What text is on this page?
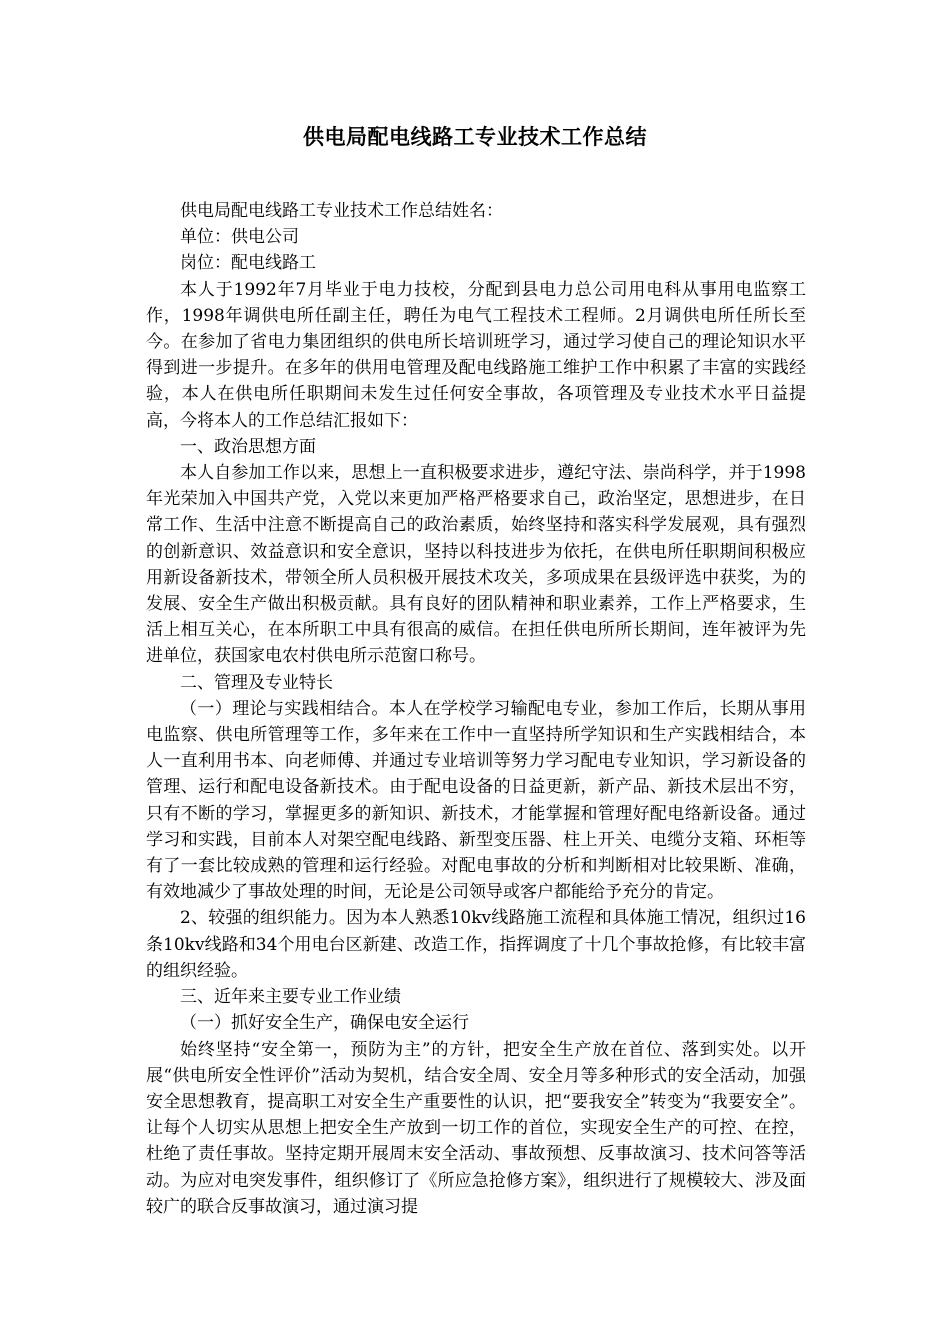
供电局配电线路工专业技术工作总结

供电局配电线路工专业技术工作总结姓名：

单位：供电公司

岗位：配电线路工

本人于1992年7月毕业于电力技校，分配到县电力总公司用电科从事用电监察工作，1998年调供电所任副主任，聘任为电气工程技术工程师。2月调供电所任所长至今。在参加了省电力集团组织的供电所长培训班学习，通过学习使自己的理论知识水平得到进一步提升。在多年的供用电管理及配电线路施工维护工作中积累了丰富的实践经验，本人在供电所任职期间未发生过任何安全事故，各项管理及专业技术水平日益提高，今将本人的工作总结汇报如下：

一、政治思想方面

本人自参加工作以来，思想上一直积极要求进步，遵纪守法、崇尚科学，并于1998年光荣加入中国共产党，入党以来更加严格严格要求自己，政治坚定，思想进步，在日常工作、生活中注意不断提高自己的政治素质，始终坚持和落实科学发展观，具有强烈的创新意识、效益意识和安全意识，坚持以科技进步为依托，在供电所任职期间积极应用新设备新技术，带领全所人员积极开展技术攻关，多项成果在县级评选中获奖，为的发展、安全生产做出积极贡献。具有良好的团队精神和职业素养，工作上严格要求，生活上相互关心，在本所职工中具有很高的威信。在担任供电所所长期间，连年被评为先进单位，获国家电农村供电所示范窗口称号。

二、管理及专业特长

（一）理论与实践相结合。本人在学校学习输配电专业，参加工作后，长期从事用电监察、供电所管理等工作，多年来在工作中一直坚持所学知识和生产实践相结合，本人一直利用书本、向老师傅、并通过专业培训等努力学习配电专业知识，学习新设备的管理、运行和配电设备新技术。由于配电设备的日益更新，新产品、新技术层出不穷，只有不断的学习，掌握更多的新知识、新技术，才能掌握和管理好配电络新设备。通过学习和实践，目前本人对架空配电线路、新型变压器、柱上开关、电缆分支箱、环柜等有了一套比较成熟的管理和运行经验。对配电事故的分析和判断相对比较果断、准确，有效地减少了事故处理的时间，无论是公司领导或客户都能给予充分的肯定。

2、较强的组织能力。因为本人熟悉10kv线路施工流程和具体施工情况，组织过16条10kv线路和34个用电台区新建、改造工作，指挥调度了十几个事故抢修，有比较丰富的组织经验。

三、近年来主要专业工作业绩

（一）抓好安全生产，确保电安全运行

始终坚持“安全第一，预防为主”的方针，把安全生产放在首位、落到实处。以开展“供电所安全性评价”活动为契机，结合安全周、安全月等多种形式的安全活动，加强安全思想教育，提高职工对安全生产重要性的认识，把“要我安全”转变为“我要安全”。让每个人切实从思想上把安全生产放到一切工作的首位，实现安全生产的可控、在控，杜绝了责任事故。坚持定期开展周末安全活动、事故预想、反事故演习、技术问答等活动。为应对电突发事件，组织修订了《所应急抢修方案》，组织进行了规模较大、涉及面较广的联合反事故演习，通过演习提
